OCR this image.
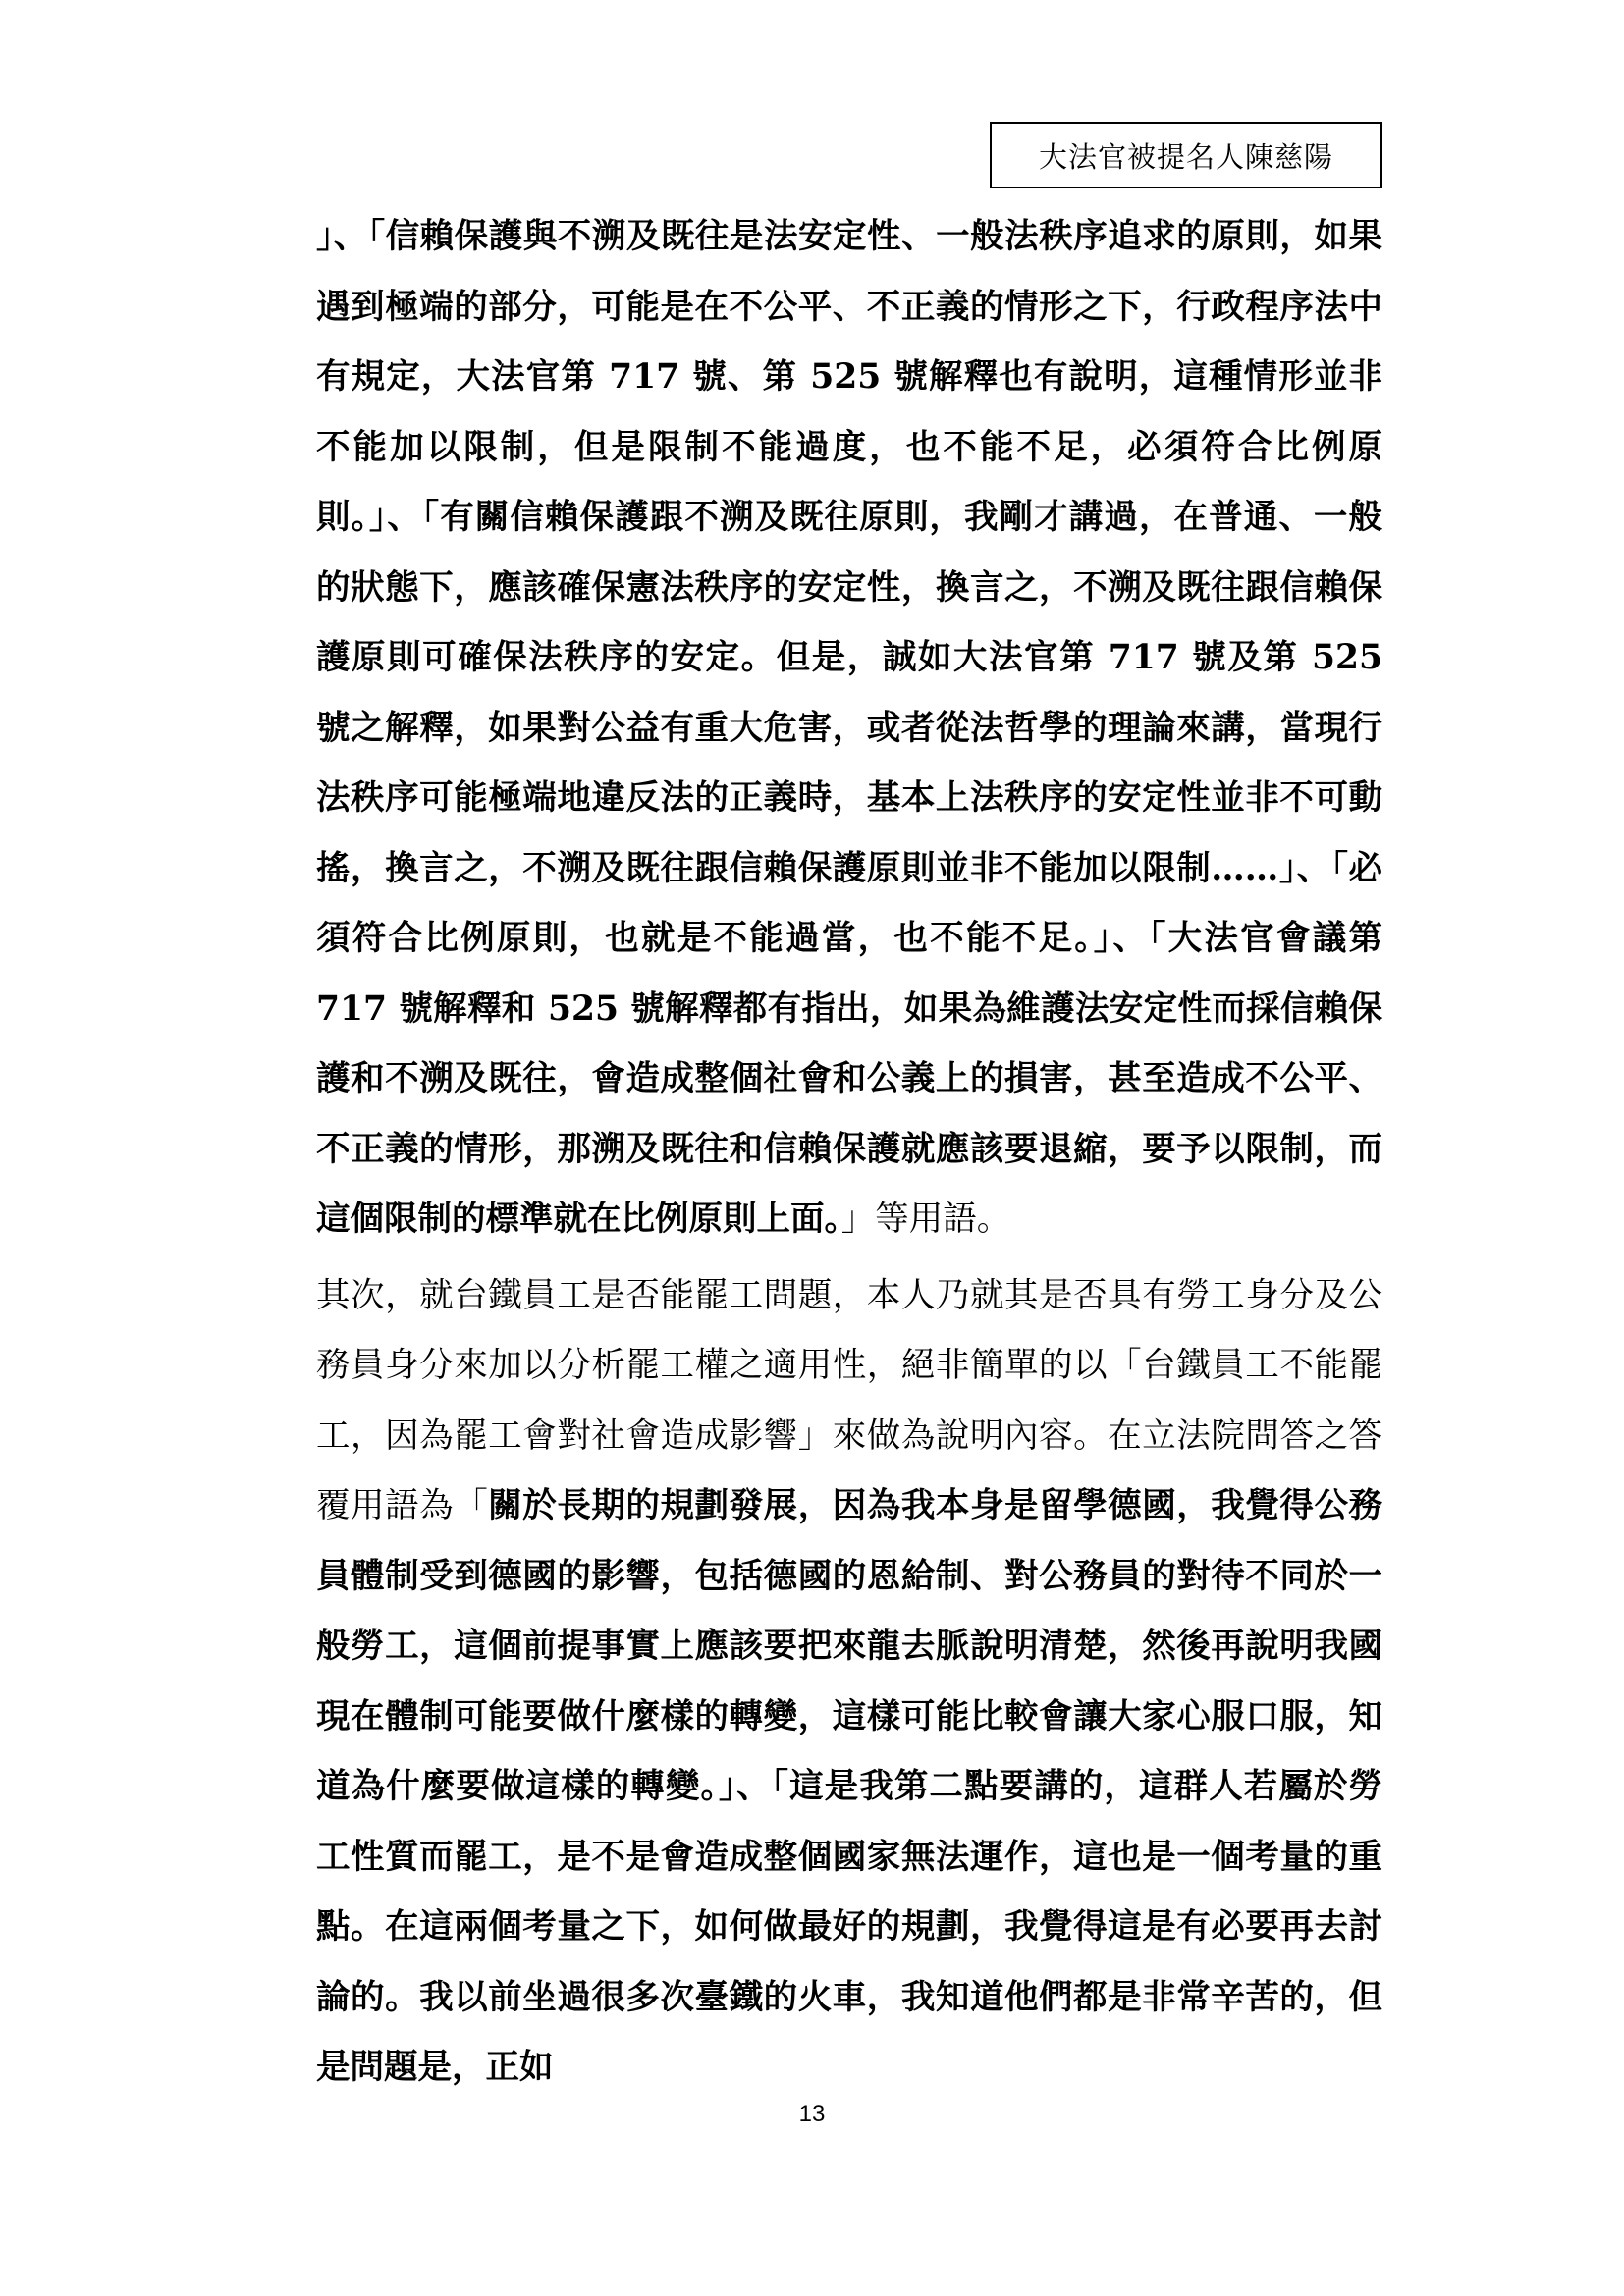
大法官被提名人陳慈陽

」、「信賴保護與不溯及既往是法安定性、一般法秩序追求的原則，如果遇到極端的部分，可能是在不公平、不正義的情形之下，行政程序法中有規定，大法官第 717 號、第 525 號解釋也有說明，這種情形並非不能加以限制，但是限制不能過度，也不能不足，必須符合比例原則。」、「有關信賴保護跟不溯及既往原則，我剛才講過，在普通、一般的狀態下，應該確保憲法秩序的安定性，換言之，不溯及既往跟信賴保護原則可確保法秩序的安定。但是，誠如大法官第 717 號及第 525 號之解釋，如果對公益有重大危害，或者從法哲學的理論來講，當現行法秩序可能極端地違反法的正義時，基本上法秩序的安定性並非不可動搖，換言之，不溯及既往跟信賴保護原則並非不能加以限制……」、「必須符合比例原則，也就是不能過當，也不能不足。」、「大法官會議第 717 號解釋和 525 號解釋都有指出，如果為維護法安定性而採信賴保護和不溯及既往，會造成整個社會和公義上的損害，甚至造成不公平、不正義的情形，那溯及既往和信賴保護就應該要退縮，要予以限制，而這個限制的標準就在比例原則上面。」等用語。

其次，就台鐵員工是否能罷工問題，本人乃就其是否具有勞工身分及公務員身分來加以分析罷工權之適用性，絕非簡單的以「台鐵員工不能罷工，因為罷工會對社會造成影響」來做為說明內容。在立法院問答之答覆用語為「關於長期的規劃發展，因為我本身是留學德國，我覺得公務員體制受到德國的影響，包括德國的恩給制、對公務員的對待不同於一般勞工，這個前提事實上應該要把來龍去脈說明清楚，然後再說明我國現在體制可能要做什麼樣的轉變，這樣可能比較會讓大家心服口服，知道為什麼要做這樣的轉變。」、「這是我第二點要講的，這群人若屬於勞工性質而罷工，是不是會造成整個國家無法運作，這也是一個考量的重點。在這兩個考量之下，如何做最好的規劃，我覺得這是有必要再去討論的。我以前坐過很多次臺鐵的火車，我知道他們都是非常辛苦的，但是問題是，正如

13
